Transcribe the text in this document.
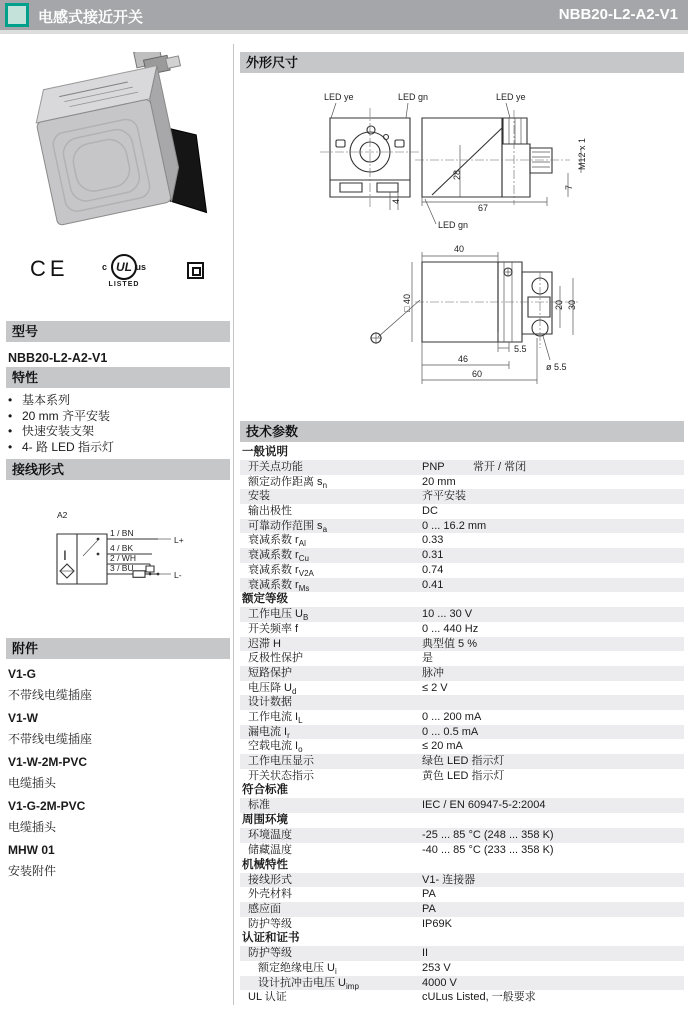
电感式接近开关	NBB20-L2-A2-V1
CE	c UL us
LISTED
型号
NBB20-L2-A2-V1
特性
• 基本系列
• 20 mm 齐平安装
• 快速安装支架
• 4- 路 LED 指示灯
接线形式
A2
I
1 / BN
4 / BK
2 / WH
3 / BU
L+
L-
附件
V1-G
不带线电缆插座
V1-W
不带线电缆插座
V1-W-2M-PVC
电缆插头
V1-G-2M-PVC
电缆插头
MHW 01
安装附件
外形尺寸
LED ye	LED gn
4
28
67
7
M12 x 1
LED ye
LED gn
40
□ 40	20 30
5.5
46
60
ø 5.5
技术参数
一般说明
开关点功能	PNP	常开 / 常闭
额定动作距离 $s_n$	20 mm
安装	齐平安装
输出极性	DC
可靠动作范围 $s_a$	0 ... 16.2 mm
衰减系数 $r_{Al}$	0.33
衰减系数 $r_{Cu}$	0.31
衰减系数 $r_{V2A}$	0.74
衰减系数 $r_{Ms}$	0.41
额定等级
工作电压 $U_B$	10 ... 30 V
开关频率 f	0 ... 440 Hz
迟滞 H	典型值 5 %
反极性保护	是
短路保护	脉冲
电压降 $U_d$	≤ 2 V
设计数据
工作电流 $I_L$	0 ... 200 mA
漏电流 $I_r$	0 ... 0.5 mA
空载电流 $I_o$	≤ 20 mA
工作电压显示	绿色 LED 指示灯
开关状态指示	黄色 LED 指示灯
符合标准
标准	IEC / EN 60947-5-2:2004
周围环境
环境温度	-25 ... 85 °C (248 ... 358 K)
储藏温度	-40 ... 85 °C (233 ... 358 K)
机械特性
接线形式	V1- 连接器
外壳材料	PA
感应面	PA
防护等级	IP69K
认证和证书
防护等级	II
额定绝缘电压 $U_i$	253 V
设计抗冲击电压 $U_{imp}$	4000 V
UL 认证	cULus Listed, 一般要求
